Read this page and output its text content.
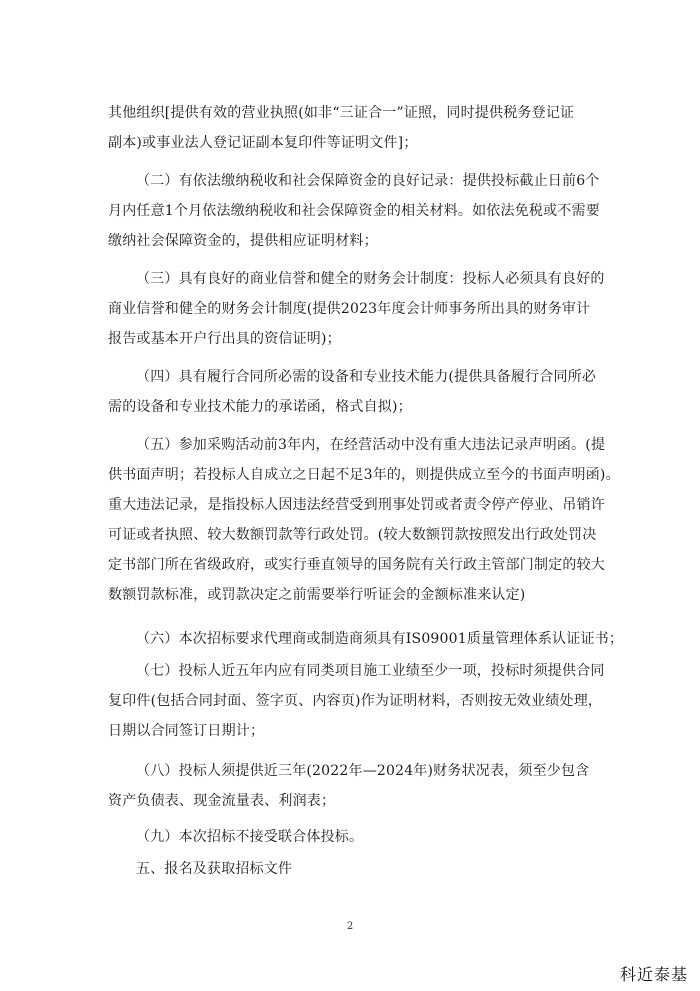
其他组织[提供有效的营业执照(如非“三证合一”证照，同时提供税务登记证
副本)或事业法人登记证副本复印件等证明文件]；

（二）有依法缴纳税收和社会保障资金的良好记录：提供投标截止日前6个
月内任意1个月依法缴纳税收和社会保障资金的相关材料。如依法免税或不需要
缴纳社会保障资金的，提供相应证明材料；

（三）具有良好的商业信誉和健全的财务会计制度：投标人必须具有良好的
商业信誉和健全的财务会计制度(提供2023年度会计师事务所出具的财务审计
报告或基本开户行出具的资信证明)；

（四）具有履行合同所必需的设备和专业技术能力(提供具备履行合同所必
需的设备和专业技术能力的承诺函，格式自拟)；

（五）参加采购活动前3年内，在经营活动中没有重大违法记录声明函。(提
供书面声明；若投标人自成立之日起不足3年的，则提供成立至今的书面声明函)。
重大违法记录，是指投标人因违法经营受到刑事处罚或者责令停产停业、吊销许
可证或者执照、较大数额罚款等行政处罚。(较大数额罚款按照发出行政处罚决
定书部门所在省级政府，或实行垂直领导的国务院有关行政主管部门制定的较大
数额罚款标准，或罚款决定之前需要举行听证会的金额标准来认定)

（六）本次招标要求代理商或制造商须具有IS09001质量管理体系认证证书；

（七）投标人近五年内应有同类项目施工业绩至少一项，投标时须提供合同
复印件(包括合同封面、签字页、内容页)作为证明材料，否则按无效业绩处理，
日期以合同签订日期计；

（八）投标人须提供近三年(2022年—2024年)财务状况表，须至少包含
资产负债表、现金流量表、利润表；

（九）本次招标不接受联合体投标。

五、报名及获取招标文件

2
科近泰基
